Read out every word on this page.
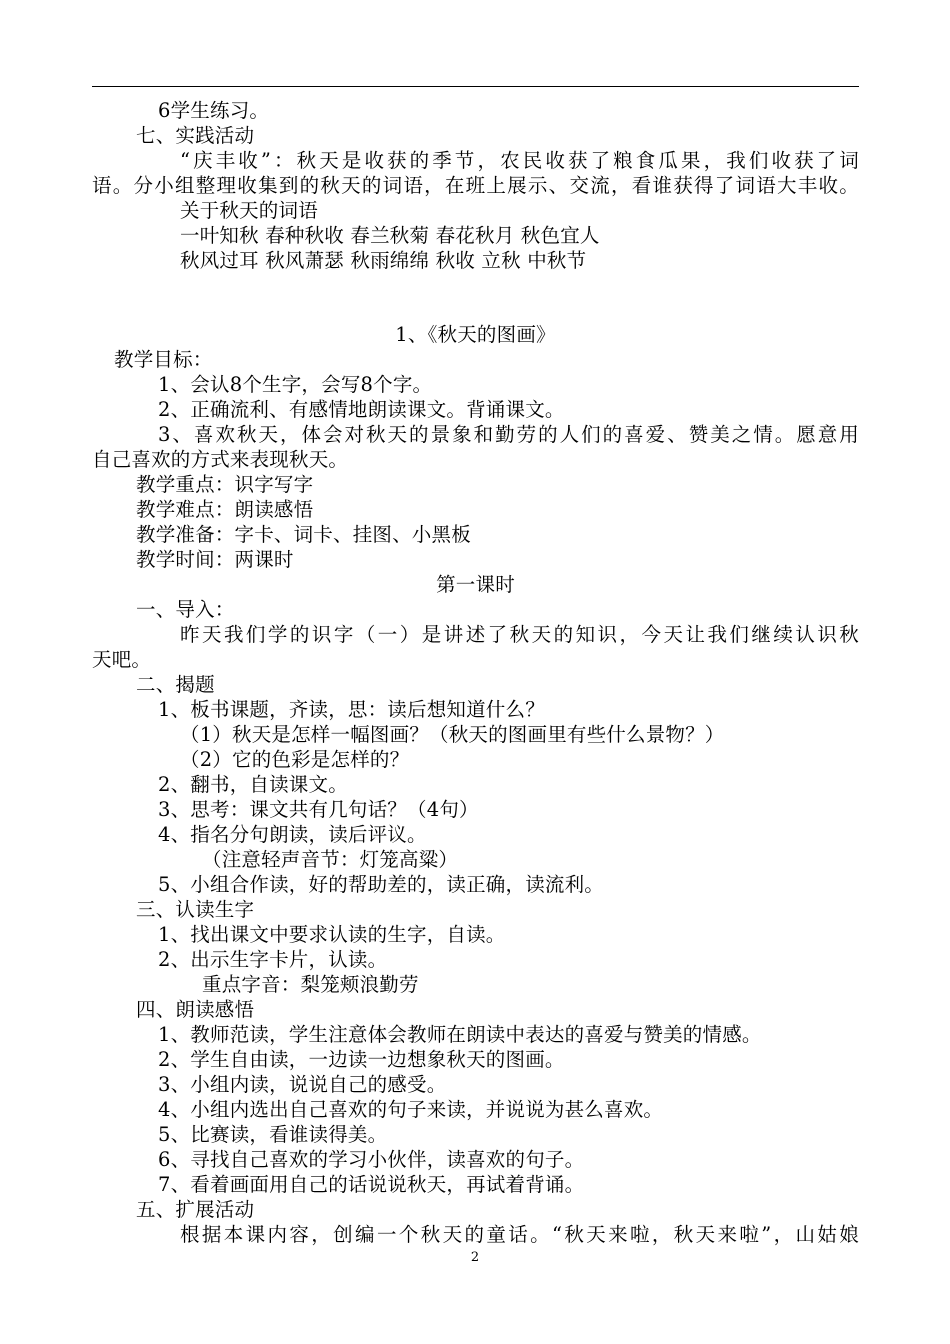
6学生练习。
七、实践活动
“庆丰收”：秋天是收获的季节，农民收获了粮食瓜果，我们收获了词
语。分小组整理收集到的秋天的词语，在班上展示、交流，看谁获得了词语大丰收。
关于秋天的词语
一叶知秋 春种秋收 春兰秋菊 春花秋月 秋色宜人
秋风过耳 秋风萧瑟 秋雨绵绵 秋收 立秋 中秋节
1、《秋天的图画》
教学目标：
1、会认8个生字，会写8个字。
2、正确流利、有感情地朗读课文。背诵课文。
3、喜欢秋天，体会对秋天的景象和勤劳的人们的喜爱、赞美之情。愿意用
自己喜欢的方式来表现秋天。
教学重点：识字写字
教学难点：朗读感悟
教学准备：字卡、词卡、挂图、小黑板
教学时间：两课时
第一课时
一、导入：
昨天我们学的识字（一）是讲述了秋天的知识，今天让我们继续认识秋
天吧。
二、揭题
1、板书课题，齐读，思：读后想知道什么？
（1）秋天是怎样一幅图画？（秋天的图画里有些什么景物？）
（2）它的色彩是怎样的？
2、翻书，自读课文。
3、思考：课文共有几句话？（4句）
4、指名分句朗读，读后评议。
（注意轻声音节：灯笼高粱）
5、小组合作读，好的帮助差的，读正确，读流利。
三、认读生字
1、找出课文中要求认读的生字，自读。
2、出示生字卡片，认读。
重点字音：梨笼颊浪勤劳
四、朗读感悟
1、教师范读，学生注意体会教师在朗读中表达的喜爱与赞美的情感。
2、学生自由读，一边读一边想象秋天的图画。
3、小组内读，说说自己的感受。
4、小组内选出自己喜欢的句子来读，并说说为甚么喜欢。
5、比赛读，看谁读得美。
6、寻找自己喜欢的学习小伙伴，读喜欢的句子。
7、看着画面用自己的话说说秋天，再试着背诵。
五、扩展活动
根据本课内容，创编一个秋天的童话。“秋天来啦，秋天来啦”，山姑娘
2
